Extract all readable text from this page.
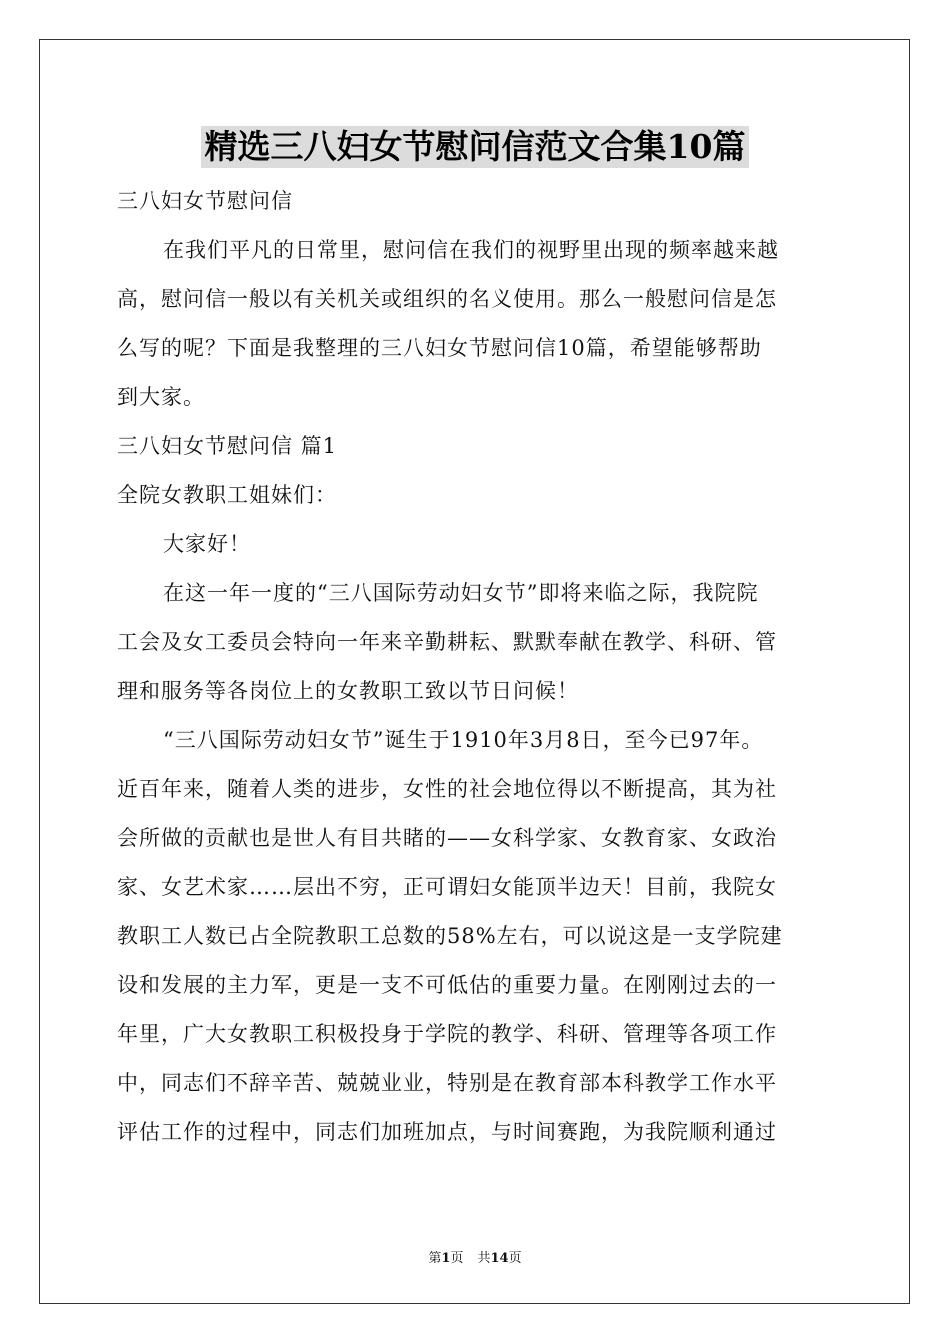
精选三八妇女节慰问信范文合集10篇

三八妇女节慰问信

在我们平凡的日常里，慰问信在我们的视野里出现的频率越来越

高，慰问信一般以有关机关或组织的名义使用。那么一般慰问信是怎

么写的呢？下面是我整理的三八妇女节慰问信10篇，希望能够帮助

到大家。

三八妇女节慰问信 篇1

全院女教职工姐妹们：

大家好！

在这一年一度的“三八国际劳动妇女节”即将来临之际，我院院

工会及女工委员会特向一年来辛勤耕耘、默默奉献在教学、科研、管

理和服务等各岗位上的女教职工致以节日问候！

“三八国际劳动妇女节”诞生于1910年3月8日，至今已97年。

近百年来，随着人类的进步，女性的社会地位得以不断提高，其为社

会所做的贡献也是世人有目共睹的——女科学家、女教育家、女政治

家、女艺术家……层出不穷，正可谓妇女能顶半边天！目前，我院女

教职工人数已占全院教职工总数的58%左右，可以说这是一支学院建

设和发展的主力军，更是一支不可低估的重要力量。在刚刚过去的一

年里，广大女教职工积极投身于学院的教学、科研、管理等各项工作

中，同志们不辞辛苦、兢兢业业，特别是在教育部本科教学工作水平

评估工作的过程中，同志们加班加点，与时间赛跑，为我院顺利通过

第1页 共14页
